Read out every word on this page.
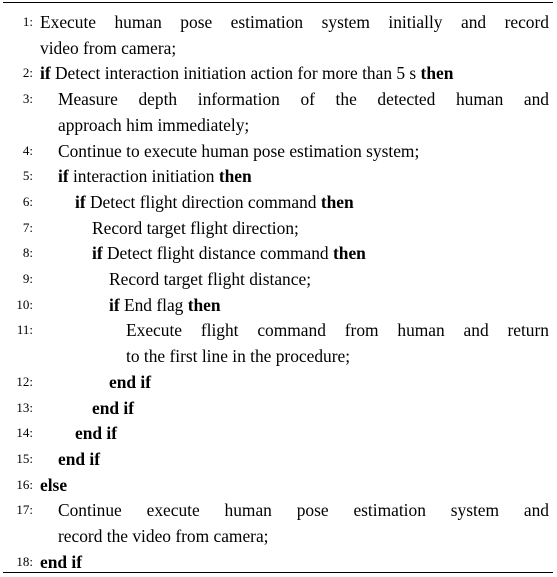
1: Execute human pose estimation system initially and record
video from camera;
2: if Detect interaction initiation action for more than 5 s then
3: Measure depth information of the detected human and
approach him immediately;
4: Continue to execute human pose estimation system;
5: if interaction initiation then
6: if Detect flight direction command then
7:	Record target flight direction;
8:	if Detect flight distance command then
9:	Record target flight distance;
10:	if End flag then
11:	Execute flight command from human and return
to the first line in the procedure;
12:	end if
13:	end if
14: end if
15: end if
16: else
17: Continue execute human pose estimation system and
record the video from camera;
18: end if
